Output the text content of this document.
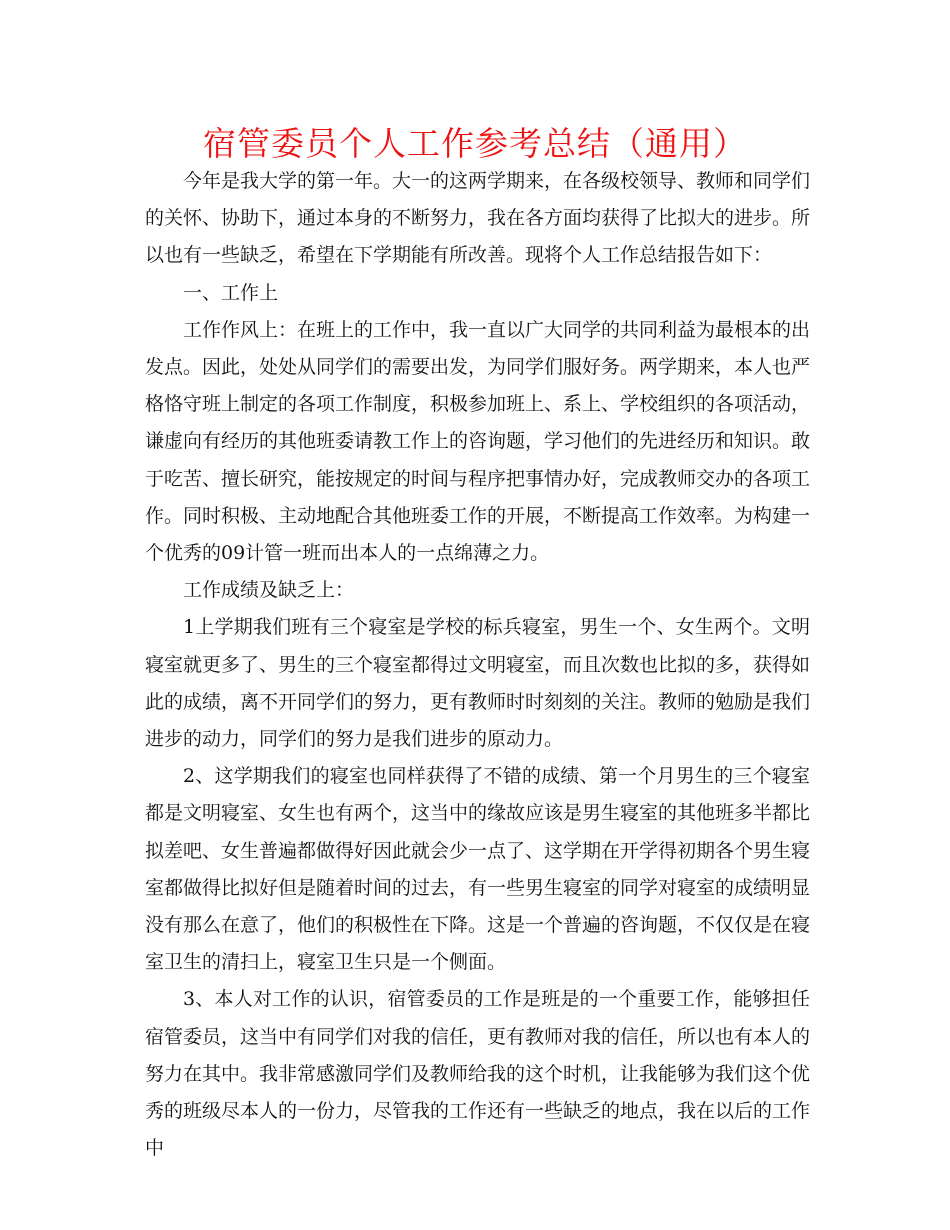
宿管委员个人工作参考总结（通用）

今年是我大学的第一年。大一的这两学期来，在各级校领导、教师和同学们的关怀、协助下，通过本身的不断努力，我在各方面均获得了比拟大的进步。所以也有一些缺乏，希望在下学期能有所改善。现将个人工作总结报告如下：

一、工作上

工作作风上：在班上的工作中，我一直以广大同学的共同利益为最根本的出发点。因此，处处从同学们的需要出发，为同学们服好务。两学期来，本人也严格恪守班上制定的各项工作制度，积极参加班上、系上、学校组织的各项活动，谦虚向有经历的其他班委请教工作上的咨询题，学习他们的先进经历和知识。敢于吃苦、擅长研究，能按规定的时间与程序把事情办好，完成教师交办的各项工作。同时积极、主动地配合其他班委工作的开展，不断提高工作效率。为构建一个优秀的09计管一班而出本人的一点绵薄之力。

工作成绩及缺乏上：

1上学期我们班有三个寝室是学校的标兵寝室，男生一个、女生两个。文明寝室就更多了、男生的三个寝室都得过文明寝室，而且次数也比拟的多，获得如此的成绩，离不开同学们的努力，更有教师时时刻刻的关注。教师的勉励是我们进步的动力，同学们的努力是我们进步的原动力。

2、这学期我们的寝室也同样获得了不错的成绩、第一个月男生的三个寝室都是文明寝室、女生也有两个，这当中的缘故应该是男生寝室的其他班多半都比拟差吧、女生普遍都做得好因此就会少一点了、这学期在开学得初期各个男生寝室都做得比拟好但是随着时间的过去，有一些男生寝室的同学对寝室的成绩明显没有那么在意了，他们的积极性在下降。这是一个普遍的咨询题，不仅仅是在寝室卫生的清扫上，寝室卫生只是一个侧面。

3、本人对工作的认识，宿管委员的工作是班是的一个重要工作，能够担任宿管委员，这当中有同学们对我的信任，更有教师对我的信任，所以也有本人的努力在其中。我非常感激同学们及教师给我的这个时机，让我能够为我们这个优秀的班级尽本人的一份力，尽管我的工作还有一些缺乏的地点，我在以后的工作中
